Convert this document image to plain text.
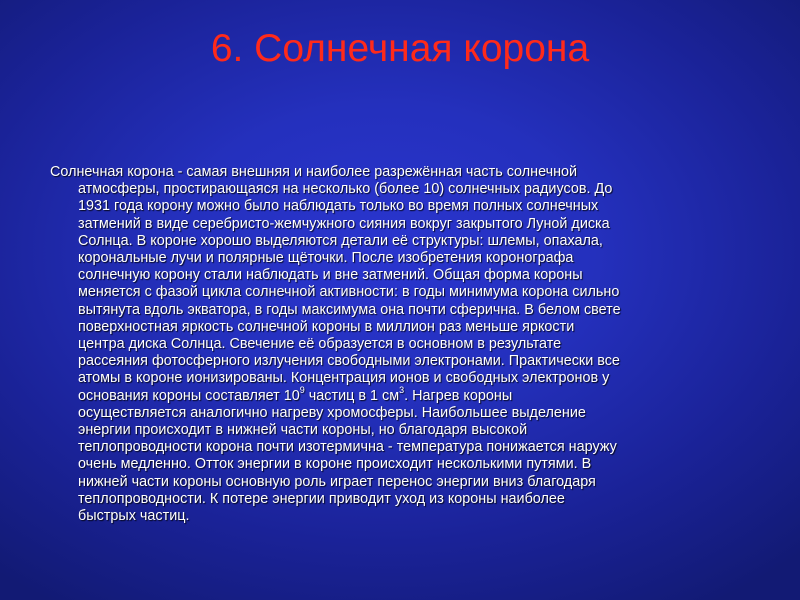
6. Солнечная корона
Солнечная корона - самая внешняя и наиболее разрежённая часть солнечной
атмосферы, простирающаяся на несколько (более 10) солнечных радиусов. До
1931 года корону можно было наблюдать только во время полных солнечных
затмений в виде серебристо-жемчужного сияния вокруг закрытого Луной диска
Солнца. В короне хорошо выделяются детали её структуры: шлемы, опахала,
корональные лучи и полярные щёточки. После изобретения коронографа
солнечную корону стали наблюдать и вне затмений. Общая форма короны
меняется с фазой цикла солнечной активности: в годы минимума корона сильно
вытянута вдоль экватора, в годы максимума она почти сферична. В белом свете
поверхностная яркость солнечной короны в миллион раз меньше яркости
центра диска Солнца. Свечение её образуется в основном в результате
рассеяния фотосферного излучения свободными электронами. Практически все
атомы в короне ионизированы. Концентрация ионов и свободных электронов у
основания короны составляет $10^9$ частиц в 1 $см^3$. Нагрев короны
осуществляется аналогично нагреву хромосферы. Наибольшее выделение
энергии происходит в нижней части короны, но благодаря высокой
теплопроводности корона почти изотермична - температура понижается наружу
очень медленно. Отток энергии в короне происходит несколькими путями. В
нижней части короны основную роль играет перенос энергии вниз благодаря
теплопроводности. К потере энергии приводит уход из короны наиболее
быстрых частиц.
